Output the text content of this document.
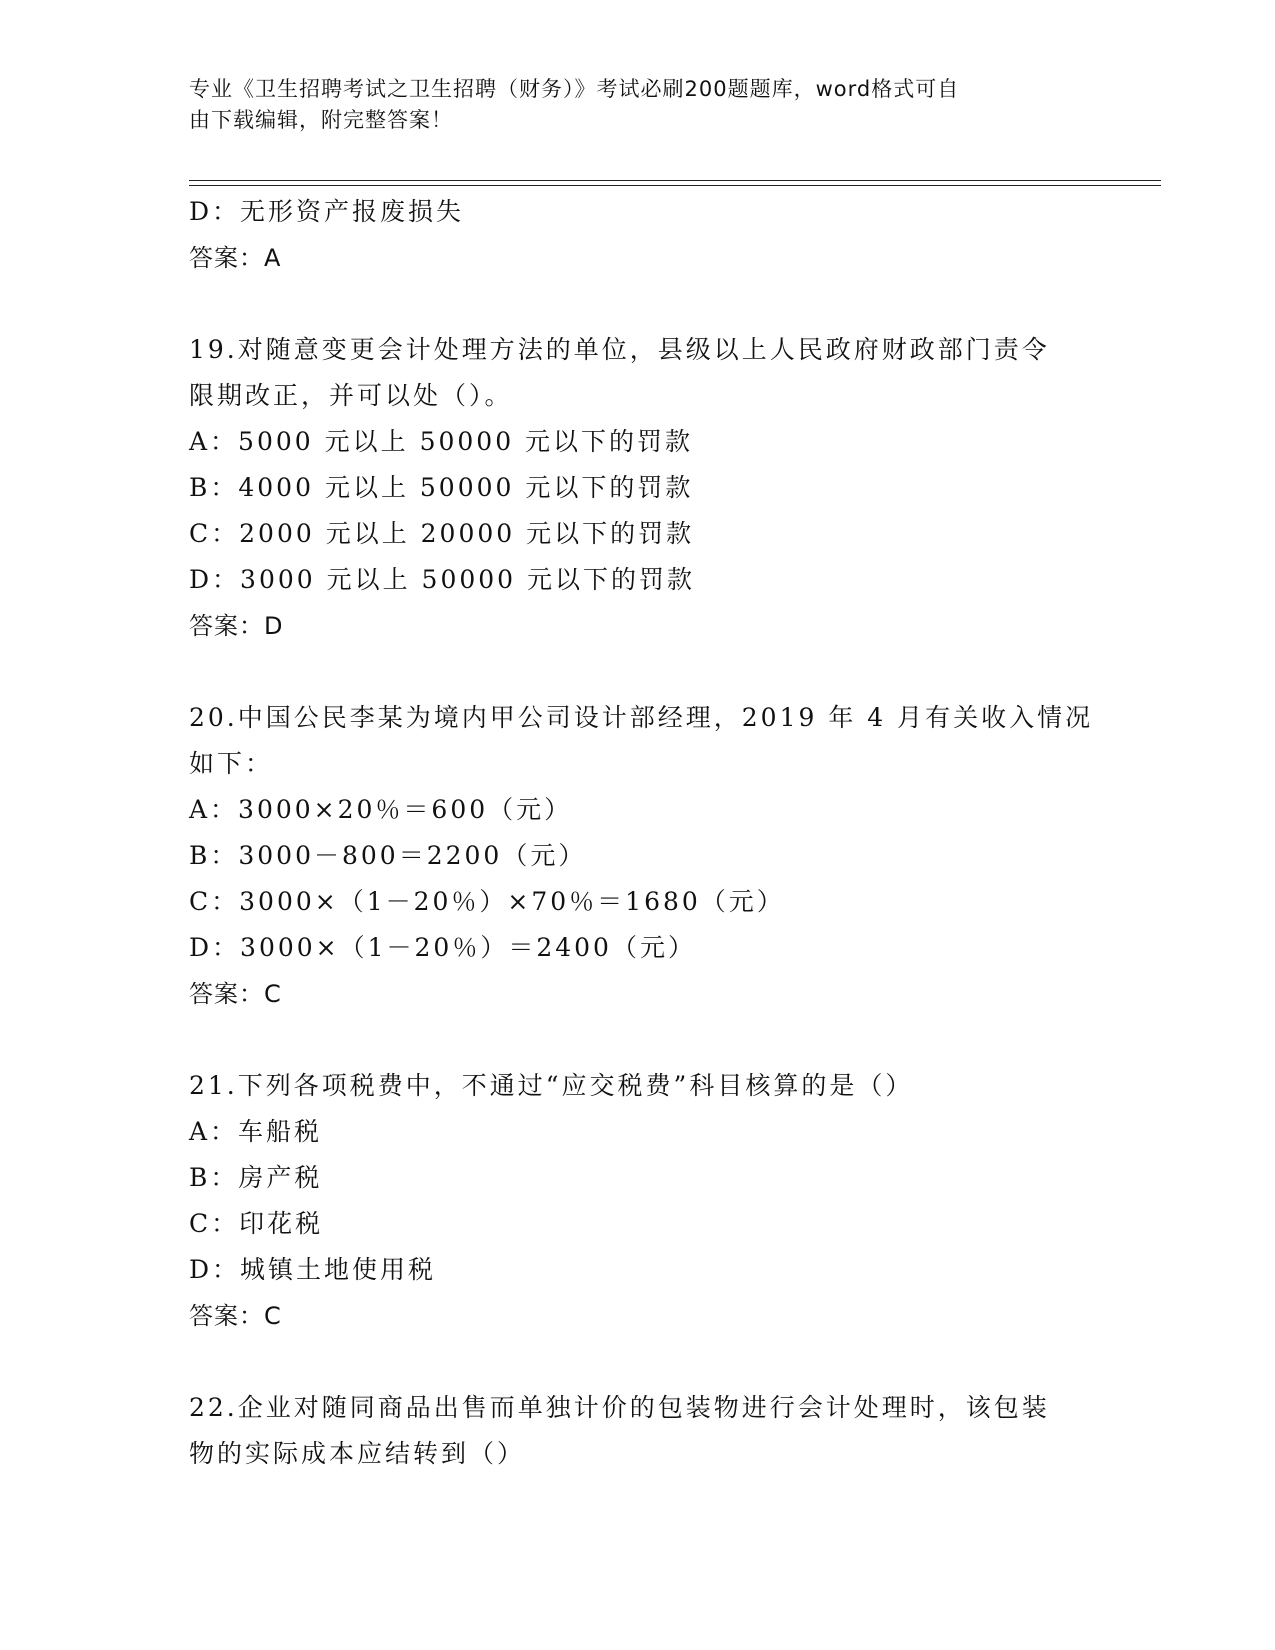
专业《卫生招聘考试之卫生招聘（财务）》考试必刷200题题库，word格式可自
由下载编辑，附完整答案！
D：无形资产报废损失
答案：A
19.对随意变更会计处理方法的单位，县级以上人民政府财政部门责令
限期改正，并可以处（）。
A：5000 元以上 50000 元以下的罚款
B：4000 元以上 50000 元以下的罚款
C：2000 元以上 20000 元以下的罚款
D：3000 元以上 50000 元以下的罚款
答案：D
20.中国公民李某为境内甲公司设计部经理，2019 年 4 月有关收入情况
如下：
A：3000×20％＝600（元）
B：3000－800＝2200（元）
C：3000×（1－20％）×70％＝1680（元）
D：3000×（1－20％）＝2400（元）
答案：C
21.下列各项税费中，不通过“应交税费”科目核算的是（）
A：车船税
B：房产税
C：印花税
D：城镇土地使用税
答案：C
22.企业对随同商品出售而单独计价的包装物进行会计处理时，该包装
物的实际成本应结转到（）
